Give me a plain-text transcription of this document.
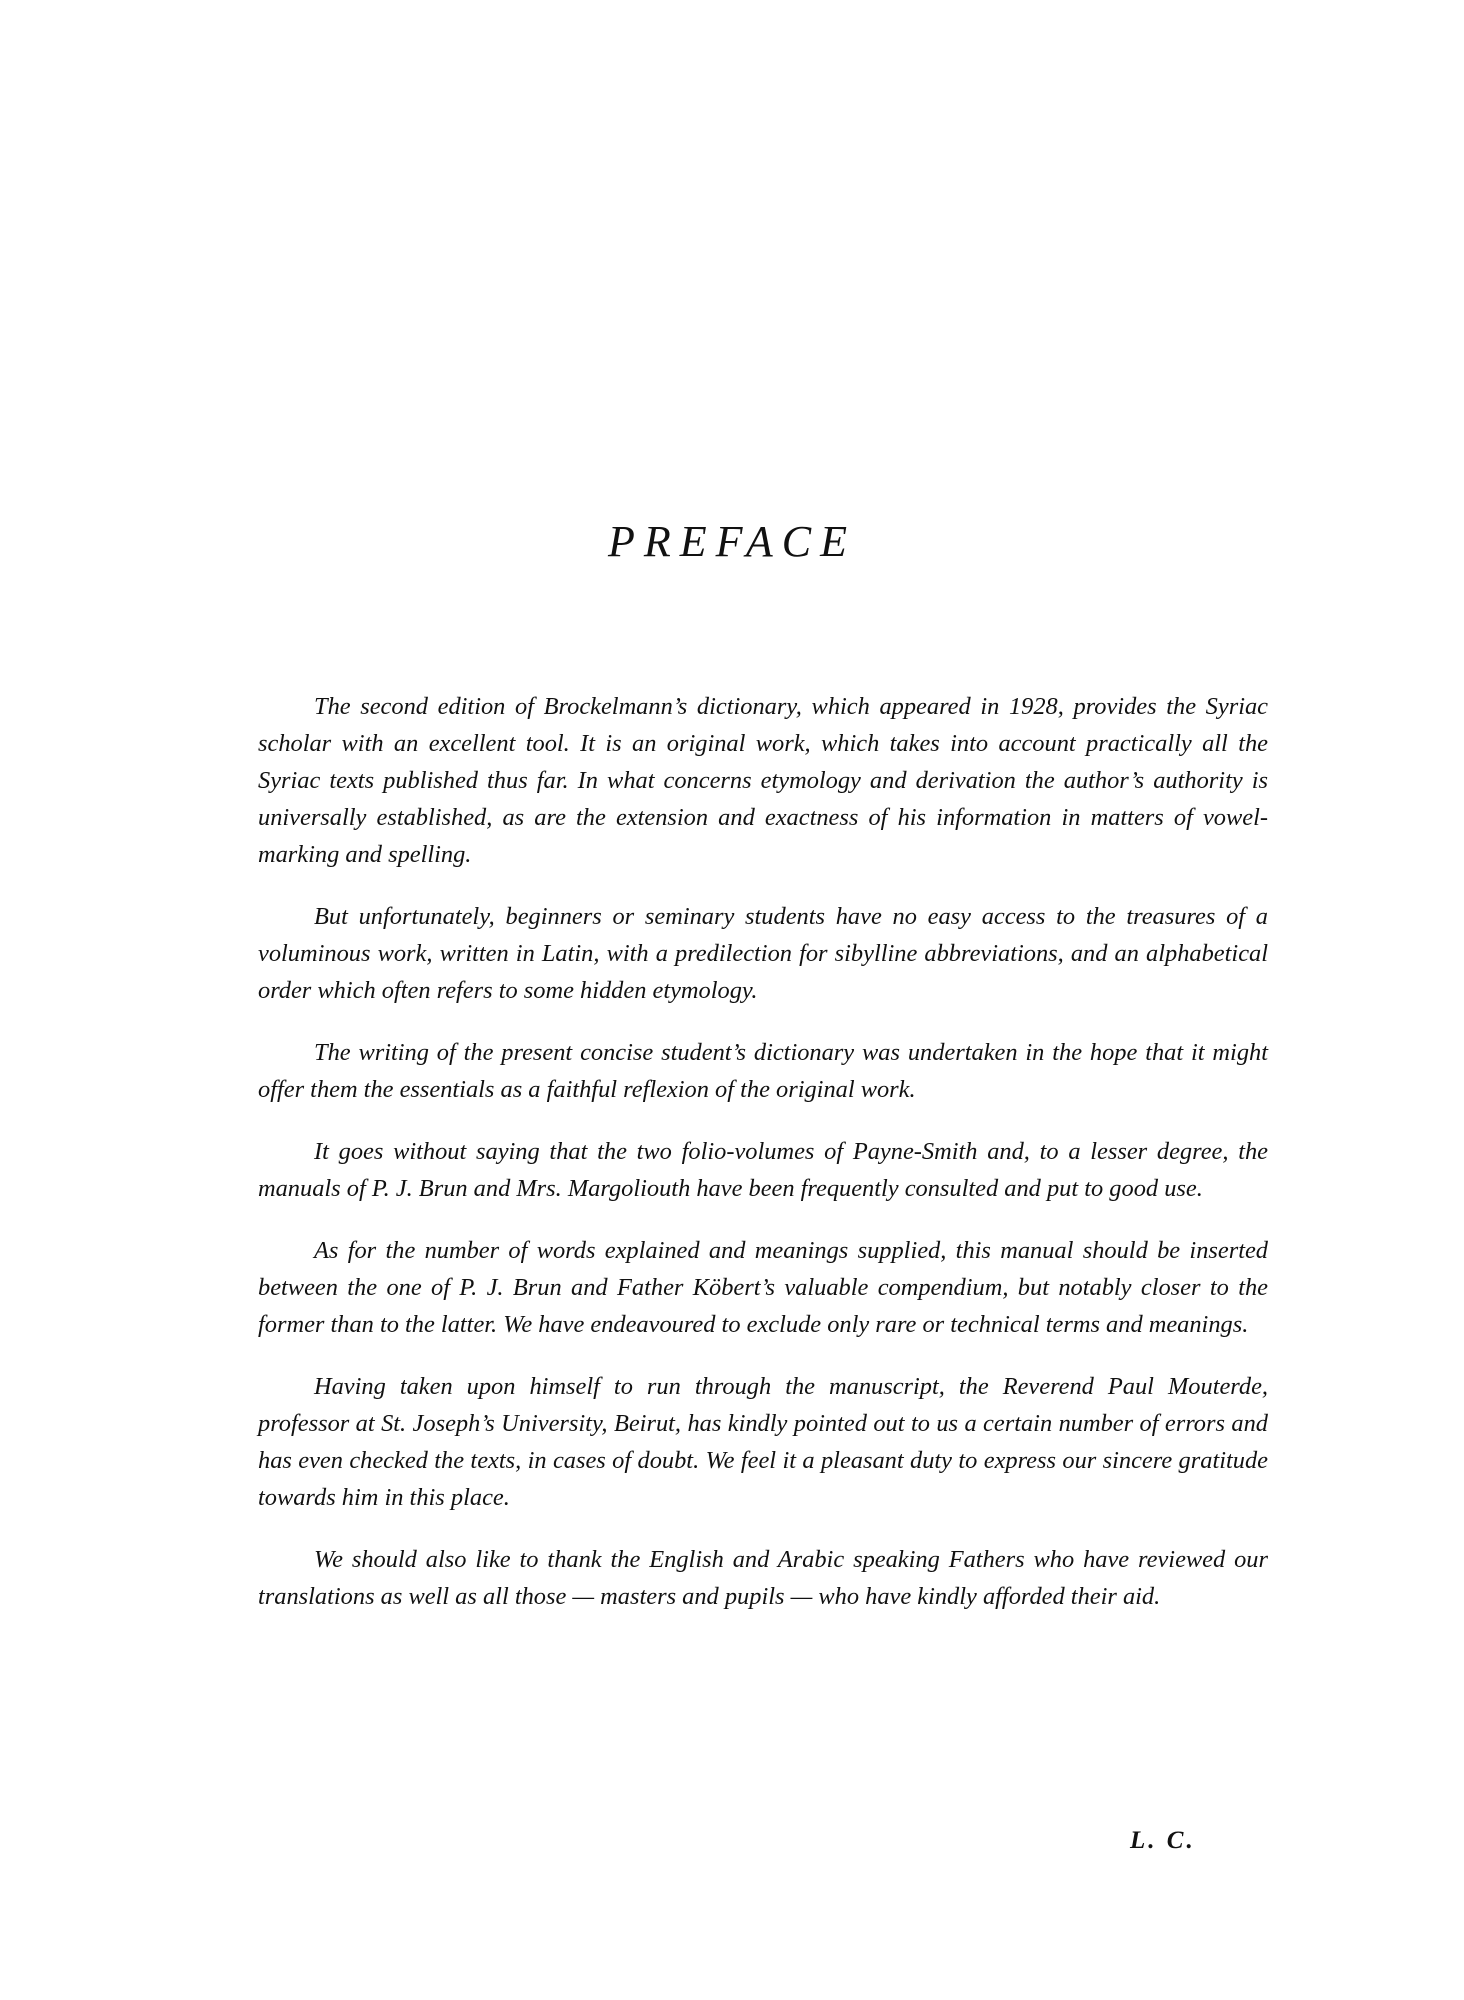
PREFACE

The second edition of Brockelmann’s dictionary, which appeared in 1928, provides the Syriac scholar with an excellent tool. It is an original work, which takes into account practically all the Syriac texts published thus far. In what concerns etymology and derivation the author’s authority is universally established, as are the extension and exactness of his information in matters of vowel-marking and spelling.

But unfortunately, beginners or seminary students have no easy access to the treasures of a voluminous work, written in Latin, with a predilection for sibylline abbreviations, and an alphabetical order which often refers to some hidden etymology.

The writing of the present concise student’s dictionary was undertaken in the hope that it might offer them the essentials as a faithful reflexion of the original work.

It goes without saying that the two folio-volumes of Payne-Smith and, to a lesser degree, the manuals of P. J. Brun and Mrs. Margoliouth have been frequently consulted and put to good use.

As for the number of words explained and meanings supplied, this manual should be inserted between the one of P. J. Brun and Father Köbert’s valuable compendium, but notably closer to the former than to the latter. We have endeavoured to exclude only rare or technical terms and meanings.

Having taken upon himself to run through the manuscript, the Reverend Paul Mouterde, professor at St. Joseph’s University, Beirut, has kindly pointed out to us a certain number of errors and has even checked the texts, in cases of doubt. We feel it a pleasant duty to express our sincere gratitude towards him in this place.

We should also like to thank the English and Arabic speaking Fathers who have reviewed our translations as well as all those — masters and pupils — who have kindly afforded their aid.

L. C.
